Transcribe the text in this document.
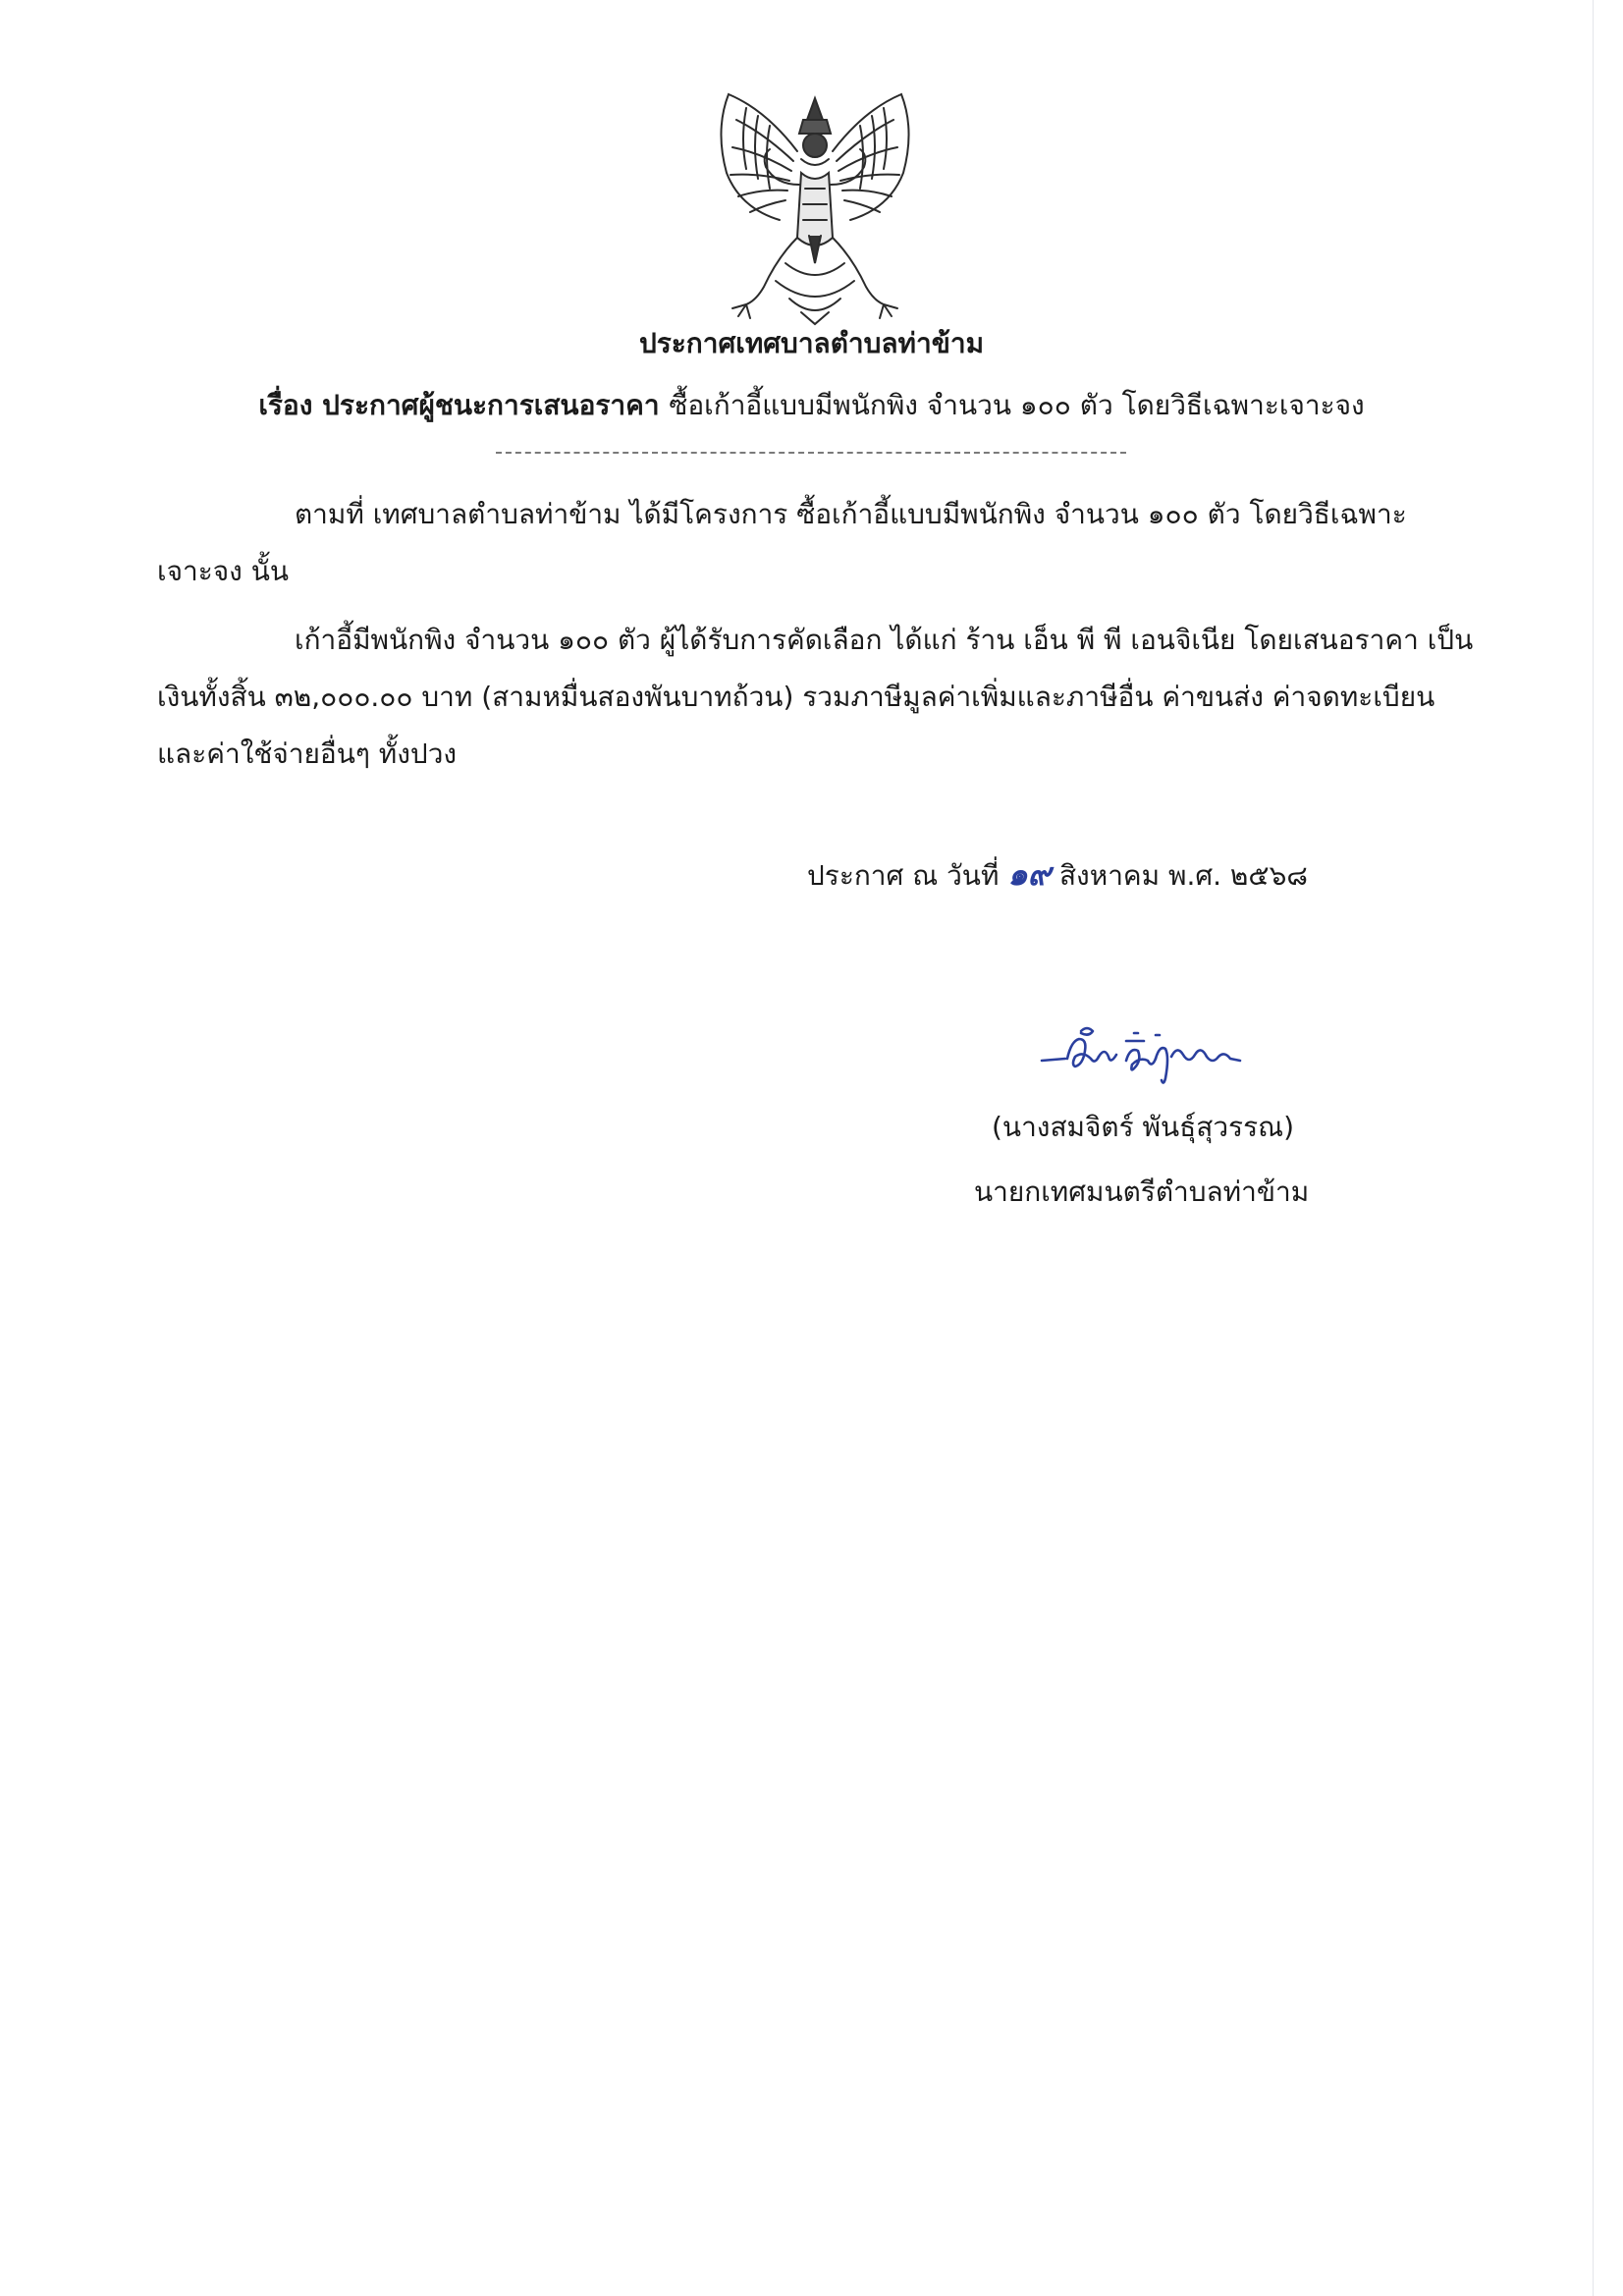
ประกาศเทศบาลตำบลท่าข้าม
เรื่อง ประกาศผู้ชนะการเสนอราคา ซื้อเก้าอี้แบบมีพนักพิง จำนวน ๑๐๐ ตัว โดยวิธีเฉพาะเจาะจง
ตามที่ เทศบาลตำบลท่าข้าม ได้มีโครงการ ซื้อเก้าอี้แบบมีพนักพิง จำนวน ๑๐๐ ตัว โดยวิธีเฉพาะ
เจาะจง นั้น
เก้าอี้มีพนักพิง จำนวน ๑๐๐ ตัว ผู้ได้รับการคัดเลือก ได้แก่ ร้าน เอ็น พี พี เอนจิเนีย โดยเสนอราคา เป็น
เงินทั้งสิ้น ๓๒,๐๐๐.๐๐ บาท (สามหมื่นสองพันบาทถ้วน) รวมภาษีมูลค่าเพิ่มและภาษีอื่น ค่าขนส่ง ค่าจดทะเบียน
และค่าใช้จ่ายอื่นๆ ทั้งปวง
ประกาศ ณ วันที่ ๑๙ สิงหาคม พ.ศ. ๒๕๖๘
(นางสมจิตร์ พันธุ์สุวรรณ)
นายกเทศมนตรีตำบลท่าข้าม
